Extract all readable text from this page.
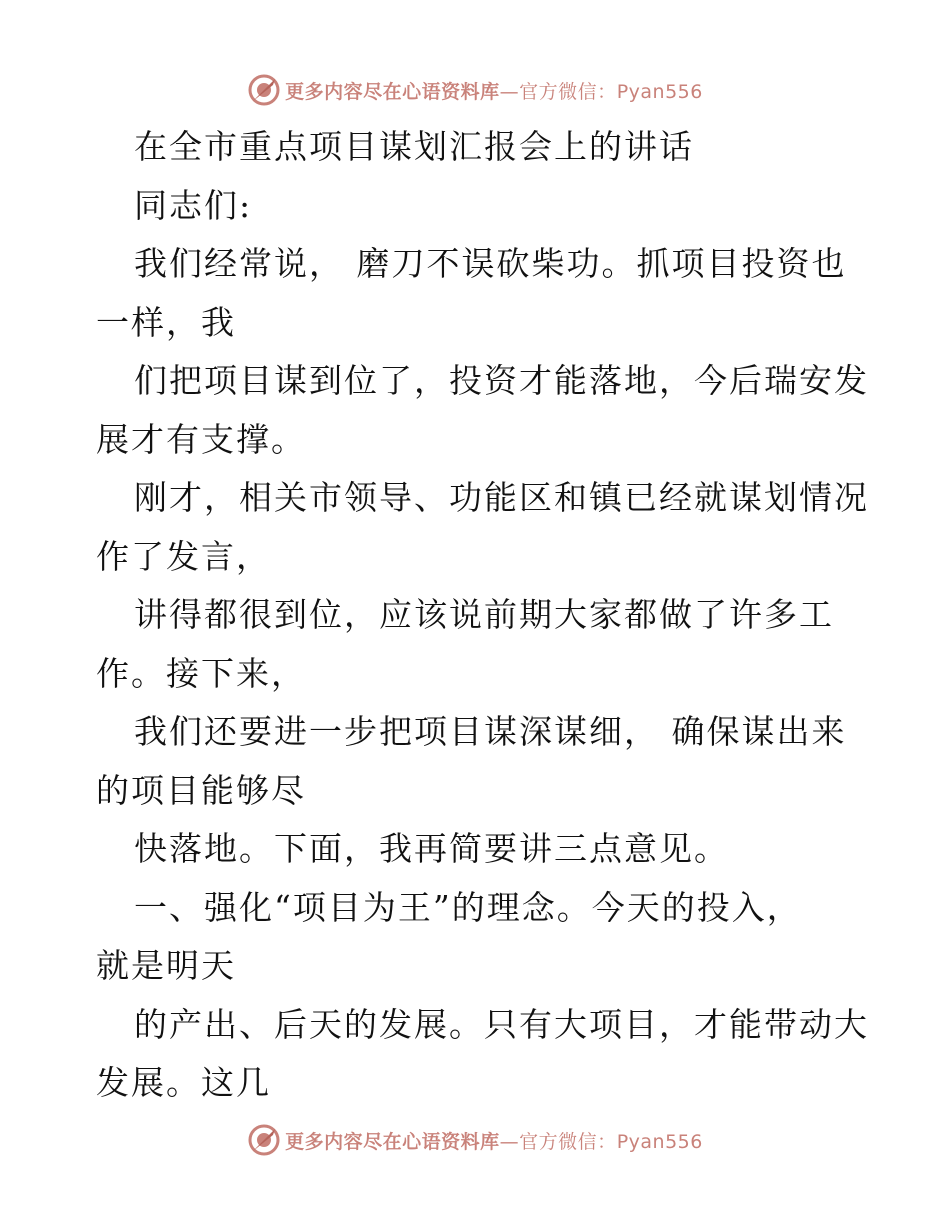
更多内容尽在心语资料库—官方微信：Pyan556
在全市重点项目谋划汇报会上的讲话
同志们:
我们经常说， 磨刀不误砍柴功。抓项目投资也
一样，我
们把项目谋到位了，投资才能落地，今后瑞安发
展才有支撑。
刚才，相关市领导、功能区和镇已经就谋划情况
作了发言，
讲得都很到位，应该说前期大家都做了许多工
作。接下来，
我们还要进一步把项目谋深谋细， 确保谋出来
的项目能够尽
快落地。下面，我再简要讲三点意见。
一、强化“项目为王”的理念。今天的投入，
就是明天
的产出、后天的发展。只有大项目，才能带动大
发展。这几
更多内容尽在心语资料库—官方微信：Pyan556
